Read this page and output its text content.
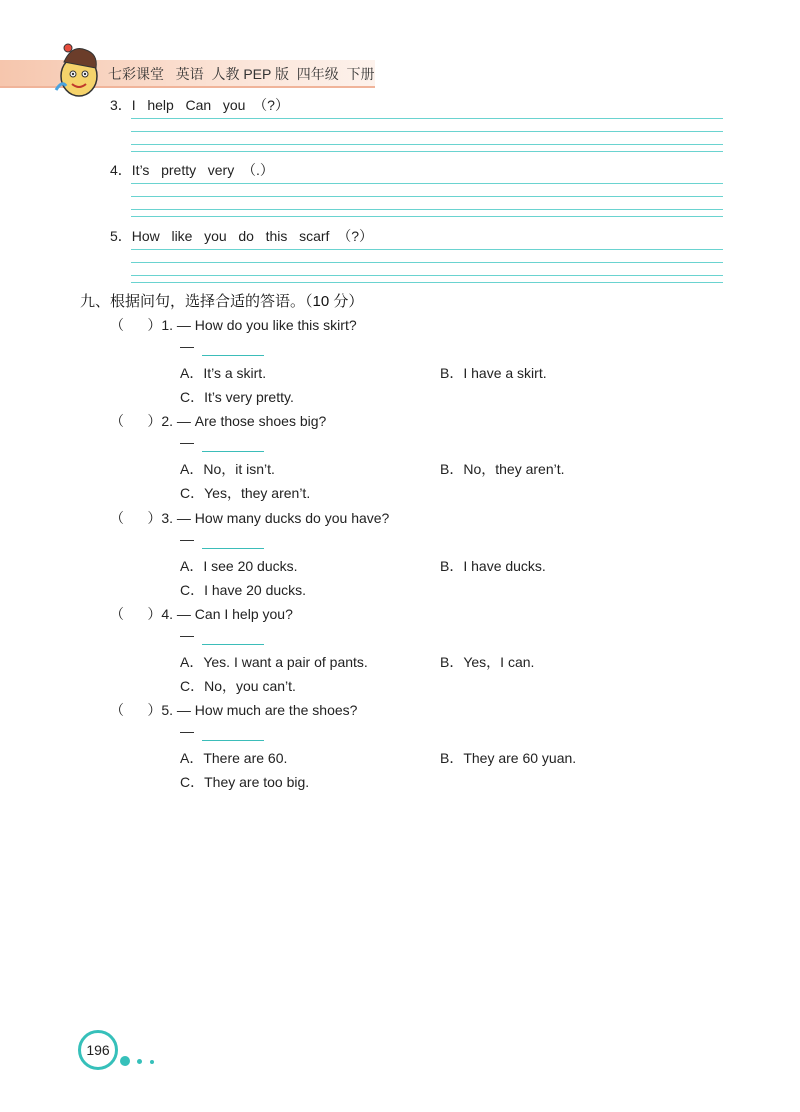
七彩课堂   英语  人教 PEP 版  四年级  下册
3．I   help   Can   you  （?）
4．It’s   pretty   very  （.）
5．How   like   you   do   this   scarf  （?）
九、根据问句，选择合适的答语。（10 分）
（      ）1. — How do you like this skirt?
—
A．It’s a skirt.	B．I have a skirt.
C．It’s very pretty.
（      ）2. — Are those shoes big?
—
A．No，it isn’t.	B．No，they aren’t.
C．Yes，they aren’t.
（      ）3. — How many ducks do you have?
—
A．I see 20 ducks.	B．I have ducks.
C．I have 20 ducks.
（      ）4. — Can I help you?
—
A．Yes. I want a pair of pants.	B．Yes，I can.
C．No，you can’t.
（      ）5. — How much are the shoes?
—
A．There are 60.	B．They are 60 yuan.
C．They are too big.
196
